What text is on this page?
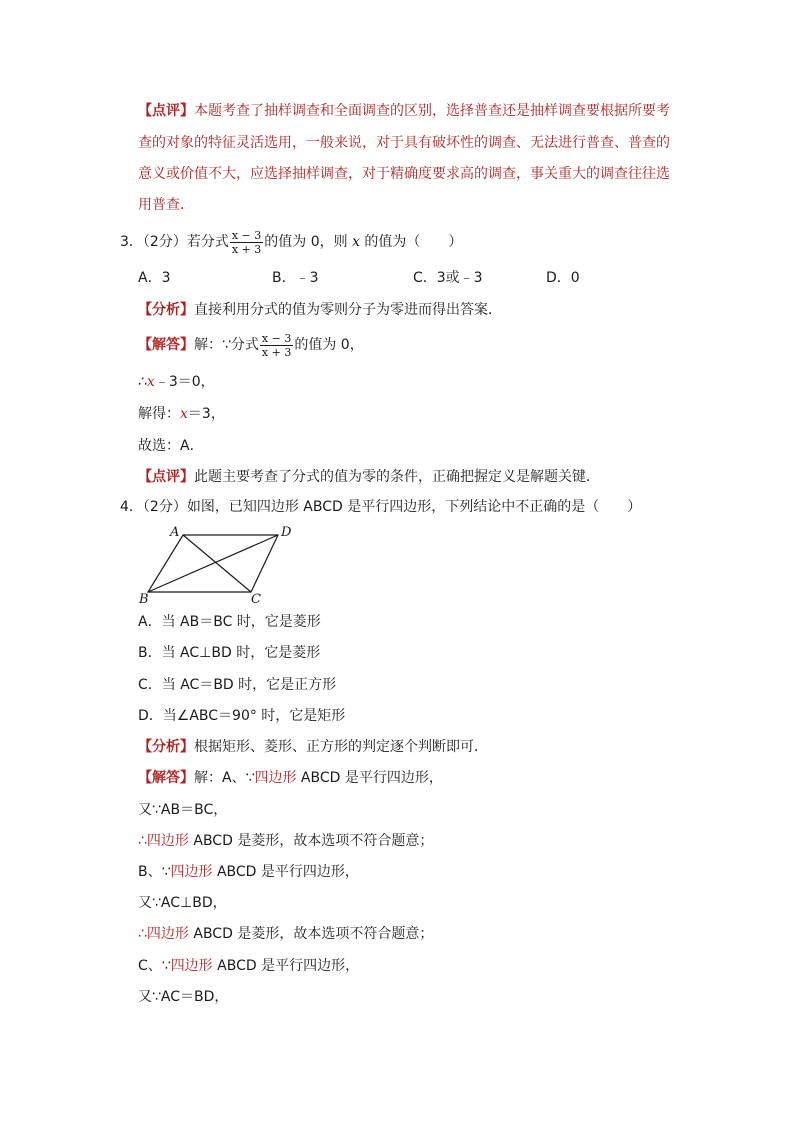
【点评】本题考查了抽样调查和全面调查的区别，选择普查还是抽样调查要根据所要考
查的对象的特征灵活选用，一般来说，对于具有破坏性的调查、无法进行普查、普查的
意义或价值不大，应选择抽样调查，对于精确度要求高的调查，事关重大的调查往往选
用普查．
3．（2分）若分式 $\frac{x - 3}{x + 3}$ 的值为 0，则 x 的值为（　　）
A．3	B．﹣3	C．3或﹣3	D．0
【分析】直接利用分式的值为零则分子为零进而得出答案．
【解答】解：∵分式 $\frac{x - 3}{x + 3}$ 的值为 0，
∴x﹣3＝0，
解得：x＝3，
故选：A．
【点评】此题主要考查了分式的值为零的条件，正确把握定义是解题关键．
4．（2分）如图，已知四边形 ABCD 是平行四边形，下列结论中不正确的是（　　）
A	D
B	C
A．当 AB＝BC 时，它是菱形
B．当 AC⊥BD 时，它是菱形
C．当 AC＝BD 时，它是正方形
D．当∠ABC＝90° 时，它是矩形
【分析】根据矩形、菱形、正方形的判定逐个判断即可．
【解答】解：A、∵四边形 ABCD 是平行四边形，
又∵AB＝BC，
∴四边形 ABCD 是菱形，故本选项不符合题意；
B、∵四边形 ABCD 是平行四边形，
又∵AC⊥BD，
∴四边形 ABCD 是菱形，故本选项不符合题意；
C、∵四边形 ABCD 是平行四边形，
又∵AC＝BD，
